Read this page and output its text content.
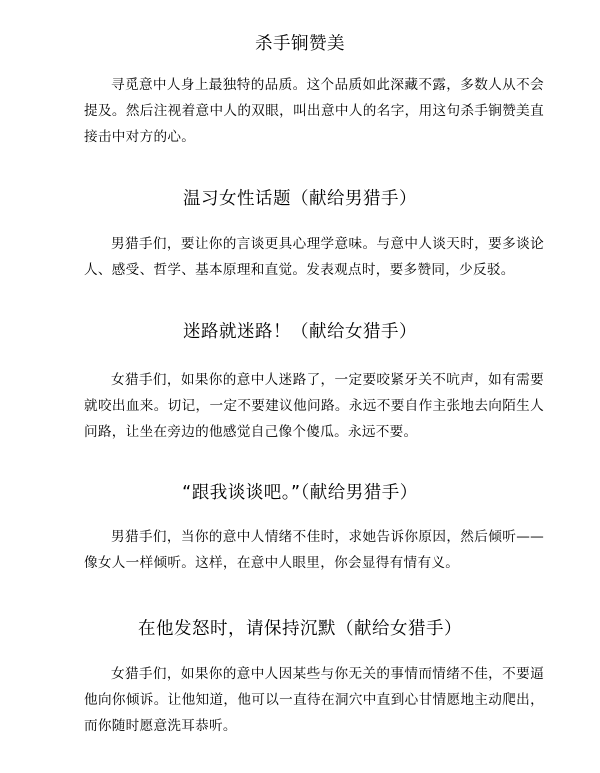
杀手锏赞美

寻觅意中人身上最独特的品质。这个品质如此深藏不露，多数人从不会提及。然后注视着意中人的双眼，叫出意中人的名字，用这句杀手锏赞美直接击中对方的心。

温习女性话题（献给男猎手）

男猎手们，要让你的言谈更具心理学意味。与意中人谈天时，要多谈论人、感受、哲学、基本原理和直觉。发表观点时，要多赞同，少反驳。

迷路就迷路！（献给女猎手）

女猎手们，如果你的意中人迷路了，一定要咬紧牙关不吭声，如有需要就咬出血来。切记，一定不要建议他问路。永远不要自作主张地去向陌生人问路，让坐在旁边的他感觉自己像个傻瓜。永远不要。

“跟我谈谈吧。”（献给男猎手）

男猎手们，当你的意中人情绪不佳时，求她告诉你原因，然后倾听——像女人一样倾听。这样，在意中人眼里，你会显得有情有义。

在他发怒时，请保持沉默（献给女猎手）

女猎手们，如果你的意中人因某些与你无关的事情而情绪不佳，不要逼他向你倾诉。让他知道，他可以一直待在洞穴中直到心甘情愿地主动爬出，而你随时愿意洗耳恭听。
